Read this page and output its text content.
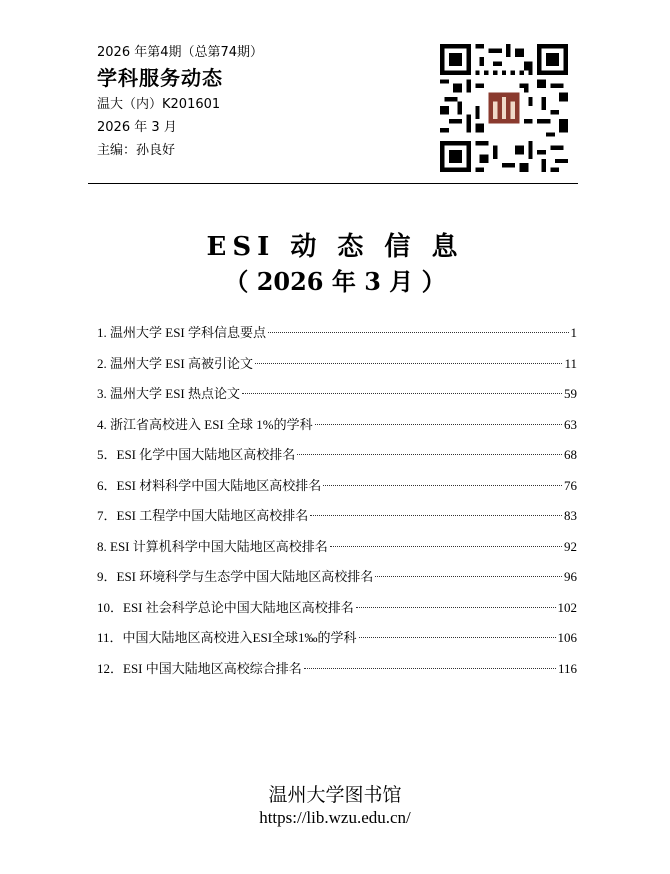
2026 年第4期（总第74期）
学科服务动态
温大（内）K201601
2026 年 3 月
主编：孙良好
ESI 动 态 信 息
（ 2026 年 3 月 ）
1. 温州大学 ESI 学科信息要点	1
2. 温州大学 ESI 高被引论文	11
3. 温州大学 ESI 热点论文	59
4. 浙江省高校进入 ESI 全球 1%的学科	63
5．ESI 化学中国大陆地区高校排名	68
6．ESI 材料科学中国大陆地区高校排名	76
7．ESI 工程学中国大陆地区高校排名	83
8. ESI 计算机科学中国大陆地区高校排名	92
9．ESI 环境科学与生态学中国大陆地区高校排名	96
10．ESI 社会科学总论中国大陆地区高校排名	102
11．中国大陆地区高校进入ESI全球1‰的学科	106
12．ESI 中国大陆地区高校综合排名	116
温州大学图书馆
https://lib.wzu.edu.cn/
